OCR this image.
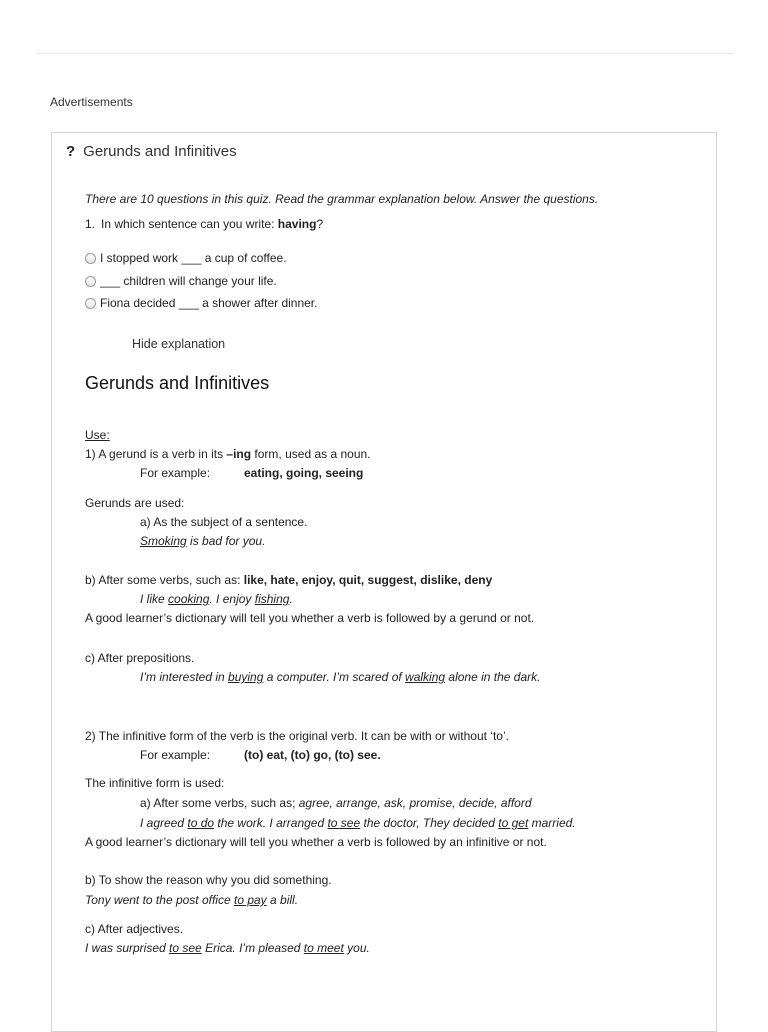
Advertisements
? Gerunds and Infinitives
There are 10 questions in this quiz. Read the grammar explanation below. Answer the questions.
1. In which sentence can you write: having?
I stopped work ___ a cup of coffee.
___ children will change your life.
Fiona decided ___ a shower after dinner.
Hide explanation
Gerunds and Infinitives
Use:
1) A gerund is a verb in its –ing form, used as a noun.
For example:	eating, going, seeing
Gerunds are used:
a) As the subject of a sentence.
Smoking is bad for you.
b) After some verbs, such as: like, hate, enjoy, quit, suggest, dislike, deny
I like cooking. I enjoy fishing.
A good learner’s dictionary will tell you whether a verb is followed by a gerund or not.
c) After prepositions.
I’m interested in buying a computer. I’m scared of walking alone in the dark.
2) The infinitive form of the verb is the original verb. It can be with or without ‘to’.
For example:	(to) eat, (to) go, (to) see.
The infinitive form is used:
a) After some verbs, such as; agree, arrange, ask, promise, decide, afford
I agreed to do the work. I arranged to see the doctor, They decided to get married.
A good learner’s dictionary will tell you whether a verb is followed by an infinitive or not.
b) To show the reason why you did something.
Tony went to the post office to pay a bill.
c) After adjectives.
I was surprised to see Erica. I’m pleased to meet you.
